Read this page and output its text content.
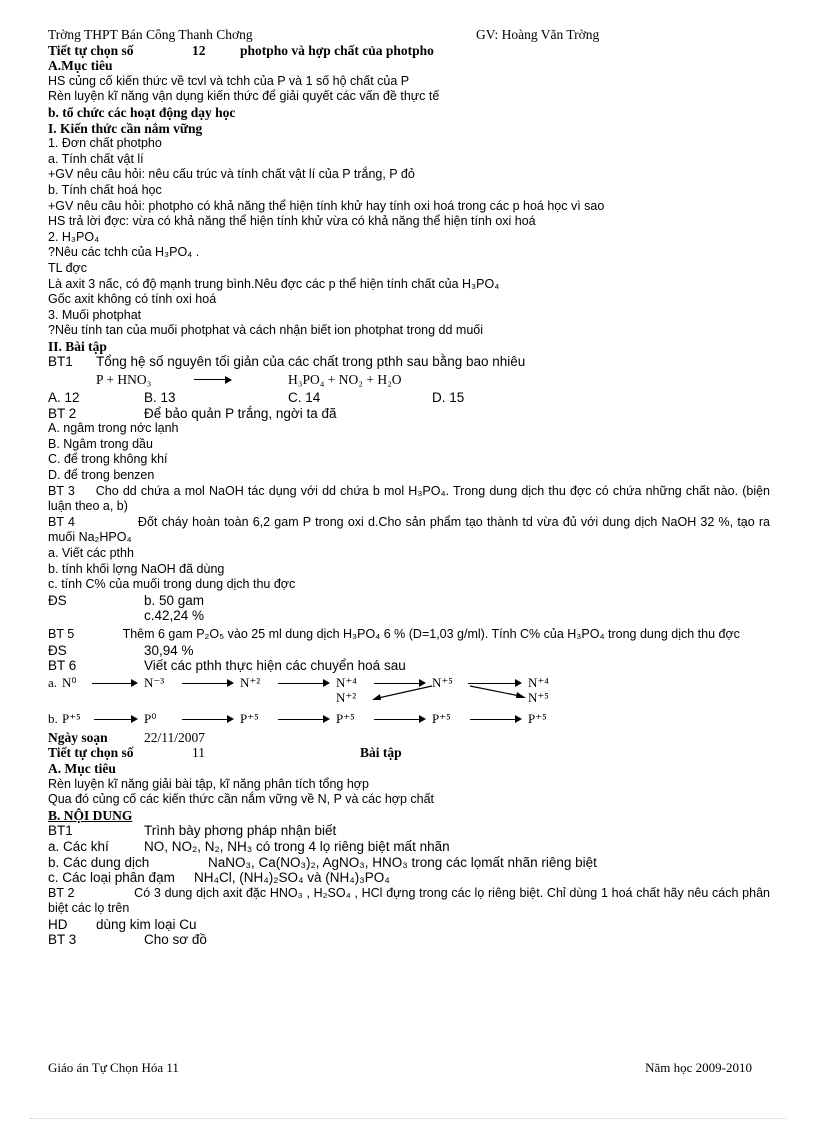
Trờng THPT Bán Công Thanh Chơng	GV: Hoàng Văn Trờng
Tiết tự chọn số	12	photpho và hợp chất của photpho
A.Mục tiêu
HS củng cố kiến thức về tcvl và tchh của P và 1 số hộ chất của P
Rèn luyện kĩ năng vận dụng kiến thức để giải quyết các vấn đề thực tế
b. tổ chức các hoạt động dạy học
I. Kiến thức cần nắm vững
1. Đơn chất photpho
a. Tính chất vật lí
+GV nêu câu hỏi: nêu cấu trúc và tính chất vật lí của P trắng, P đỏ
b. Tính chất hoá học
+GV nêu câu hỏi: photpho có khả năng thể hiện tính khử hay tính oxi hoá trong các p hoá học vì sao
HS trả lời đợc: vừa có khả năng thể hiện tính khử vừa có khả năng thể hiện tính oxi hoá
2. H₃PO₄
?Nêu các tchh của H₃PO₄ .
TL đợc
Là axit 3 nấc, có độ mạnh trung bình.Nêu đợc các p thể hiện tính chất của H₃PO₄
Gốc axit không có tính oxi hoá
3. Muối photphat
?Nêu tính tan của muối photphat và cách nhận biết ion photphat trong dd muối
II. Bài tập
BT1 Tổng hệ số nguyên tối giản của các chất trong pthh sau bằng bao nhiêu
P + HNO₃	H₃PO₄ + NO₂ + H₂O
A. 12	B. 13	C. 14	D. 15
BT 2	Để bảo quản P trắng, ngời ta đã
A. ngâm trong nớc lạnh
B. Ngâm trong dầu
C. để trong không khí
D. để trong benzen
BT 3 Cho dd chứa a mol NaOH tác dụng với dd chứa b mol H₃PO₄. Trong dung dịch thu đợc có chứa những chất nào. (biện luận theo a, b)
BT 4	Đốt cháy hoàn toàn 6,2 gam P trong oxi d.Cho sản phẩm tạo thành td vừa đủ với dung dịch NaOH 32 %, tạo ra muối Na₂HPO₄
a. Viết các pthh
b. tính khối lợng NaOH đã dùng
c. tính C% của muối trong dung dịch thu đợc
ĐS	b. 50 gam
c.42,24 %
BT 5	Thêm 6 gam P₂O₅ vào 25 ml dung dịch H₃PO₄ 6 % (D=1,03 g/ml). Tính C% của H₃PO₄ trong dung dịch thu đợc
ĐS	30,94 %
BT 6	Viết các pthh thực hiện các chuyển hoá sau
a. N⁰ → N⁻³ → N⁺² → N⁺⁴
N⁺²
→ N⁺⁵ → N⁺⁴
N⁺⁵
b. P⁺⁵ → P⁰ → P⁺⁵ → P⁺⁵ → P⁺⁵ → P⁺⁵
Ngày soạn	22/11/2007
Tiết tự chọn số	11	Bài tập
A. Mục tiêu
Rèn luyện kĩ năng giải bài tập, kĩ năng phân tích tổng hợp
Qua đó củng cố các kiến thức cần nắm vững về N, P và các hợp chất
B. NỘI DUNG
BT1	Trình bày phơng pháp nhận biết
a. Các khí	NO, NO₂, N₂, NH₃ có trong 4 lọ riêng biệt mất nhãn
b. Các dung dịch	NaNO₃, Ca(NO₃)₂, AgNO₃, HNO₃ trong các lọmất nhãn riêng biệt
c. Các loại phân đạm NH₄Cl, (NH₄)₂SO₄ và (NH₄)₃PO₄
BT 2	Có 3 dung dịch axit đặc HNO₃ , H₂SO₄ , HCl đựng trong các lọ riêng biệt. Chỉ dùng 1 hoá chất hãy nêu cách phân biệt các lọ trên
HD dùng kim loại Cu
BT 3	Cho sơ đồ
Giáo án Tự Chọn Hóa 11	Năm học 2009-2010
